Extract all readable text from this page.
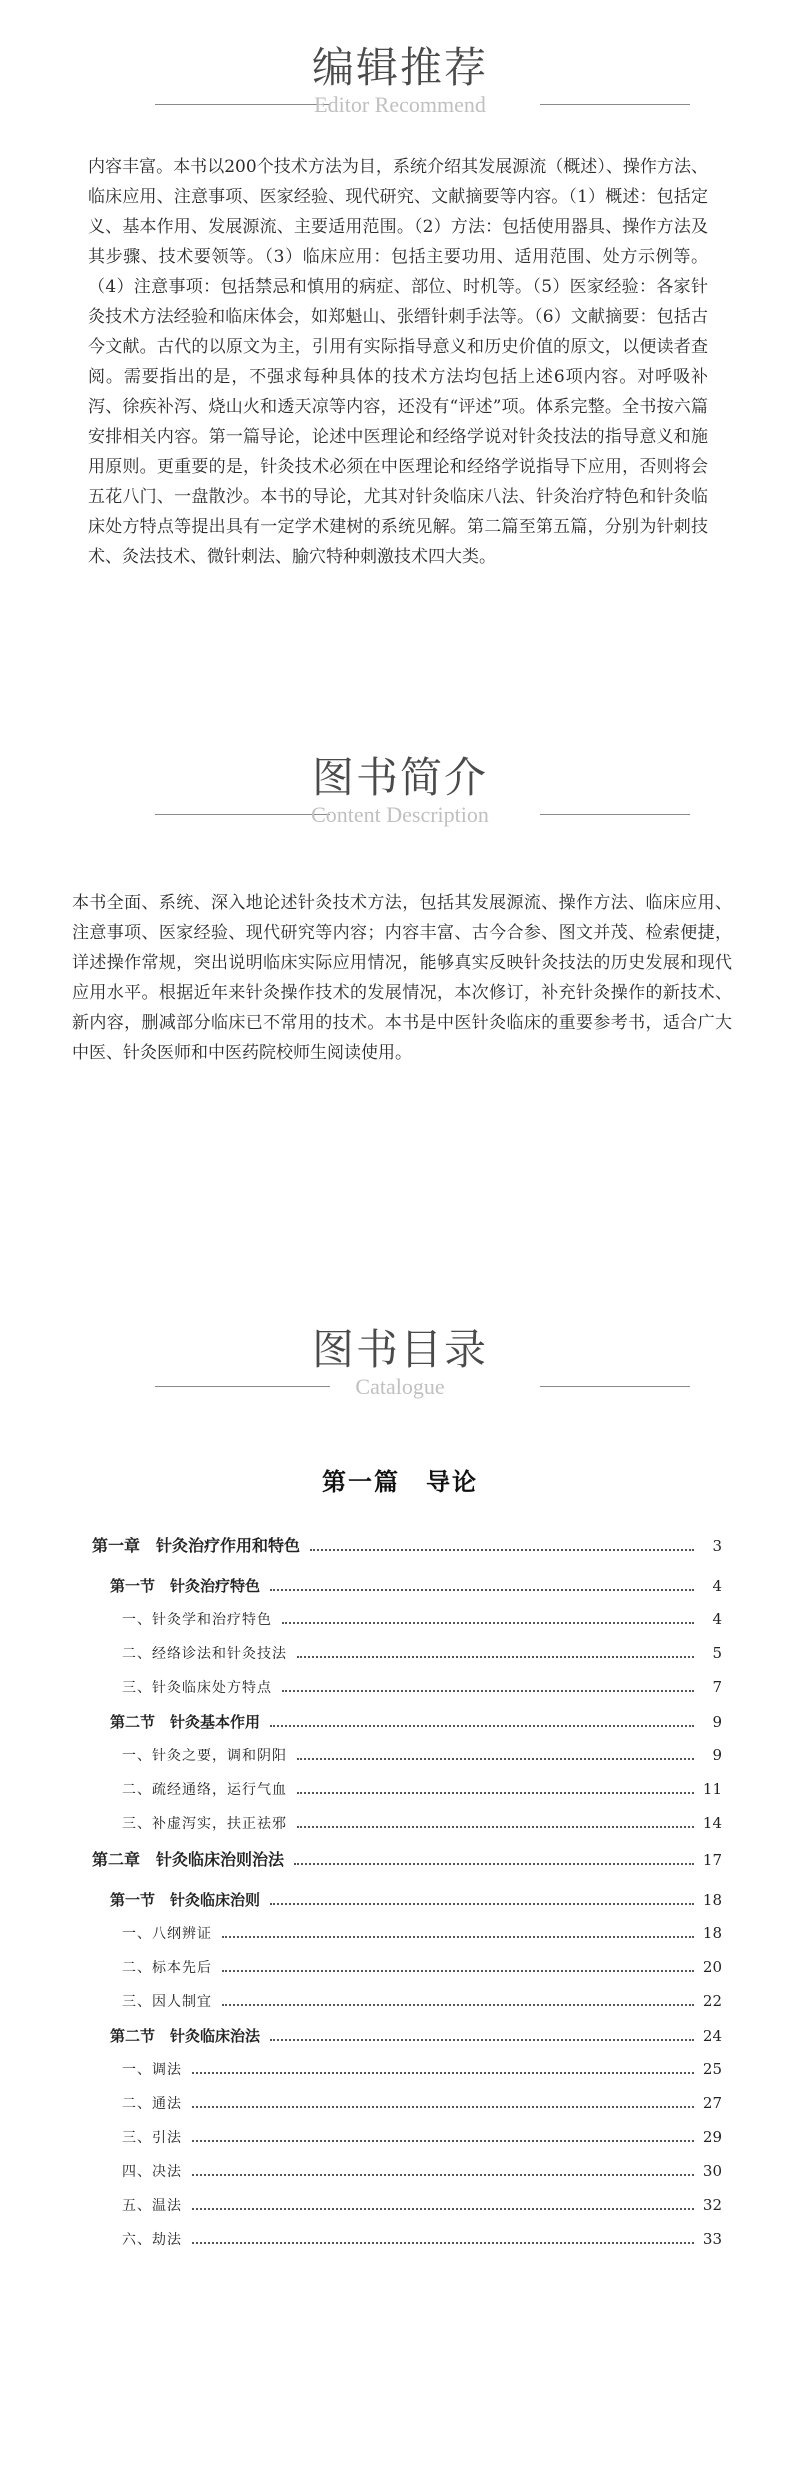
编辑推荐
Editor Recommend
内容丰富。本书以200个技术方法为目，系统介绍其发展源流（概述）、操作方法、临床应用、注意事项、医家经验、现代研究、文献摘要等内容。（1）概述：包括定义、基本作用、发展源流、主要适用范围。（2）方法：包括使用器具、操作方法及其步骤、技术要领等。（3）临床应用：包括主要功用、适用范围、处方示例等。（4）注意事项：包括禁忌和慎用的病症、部位、时机等。（5）医家经验：各家针灸技术方法经验和临床体会，如郑魁山、张缙针刺手法等。（6）文献摘要：包括古今文献。古代的以原文为主，引用有实际指导意义和历史价值的原文，以便读者查阅。需要指出的是，不强求每种具体的技术方法均包括上述6项内容。对呼吸补泻、徐疾补泻、烧山火和透天凉等内容，还没有“评述”项。体系完整。全书按六篇安排相关内容。第一篇导论，论述中医理论和经络学说对针灸技法的指导意义和施用原则。更重要的是，针灸技术必须在中医理论和经络学说指导下应用，否则将会五花八门、一盘散沙。本书的导论，尤其对针灸临床八法、针灸治疗特色和针灸临床处方特点等提出具有一定学术建树的系统见解。第二篇至第五篇，分别为针刺技术、灸法技术、微针刺法、腧穴特种刺激技术四大类。
图书简介
Content Description
本书全面、系统、深入地论述针灸技术方法，包括其发展源流、操作方法、临床应用、注意事项、医家经验、现代研究等内容；内容丰富、古今合参、图文并茂、检索便捷，详述操作常规，突出说明临床实际应用情况，能够真实反映针灸技法的历史发展和现代应用水平。根据近年来针灸操作技术的发展情况，本次修订，补充针灸操作的新技术、新内容，删减部分临床已不常用的技术。本书是中医针灸临床的重要参考书，适合广大中医、针灸医师和中医药院校师生阅读使用。
图书目录
Catalogue
第一篇　导论
第一章　针灸治疗作用和特色	3
第一节　针灸治疗特色	4
一、针灸学和治疗特色	4
二、经络诊法和针灸技法	5
三、针灸临床处方特点	7
第二节　针灸基本作用	9
一、针灸之要，调和阴阳	9
二、疏经通络，运行气血	11
三、补虚泻实，扶正祛邪	14
第二章　针灸临床治则治法	17
第一节　针灸临床治则	18
一、八纲辨证	18
二、标本先后	20
三、因人制宜	22
第二节　针灸临床治法	24
一、调法	25
二、通法	27
三、引法	29
四、决法	30
五、温法	32
六、劫法	33
